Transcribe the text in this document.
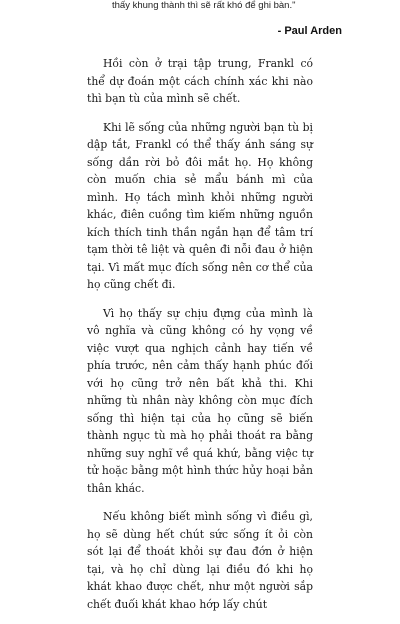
thấy khung thành thì sẽ rất khó để ghi bàn."
- Paul Arden

Hồi còn ở trại tập trung, Frankl có thể dự đoán một cách chính xác khi nào thì bạn tù của mình sẽ chết.

Khi lẽ sống của những người bạn tù bị dập tắt, Frankl có thể thấy ánh sáng sự sống dần rời bỏ đôi mắt họ. Họ không còn muốn chia sẻ mẩu bánh mì của mình. Họ tách mình khỏi những người khác, điên cuồng tìm kiếm những nguồn kích thích tinh thần ngắn hạn để tâm trí tạm thời tê liệt và quên đi nỗi đau ở hiện tại. Vì mất mục đích sống nên cơ thể của họ cũng chết đi.

Vì họ thấy sự chịu đựng của mình là vô nghĩa và cũng không có hy vọng về việc vượt qua nghịch cảnh hay tiến về phía trước, nên cảm thấy hạnh phúc đối với họ cũng trở nên bất khả thi. Khi những tù nhân này không còn mục đích sống thì hiện tại của họ cũng sẽ biến thành ngục tù mà họ phải thoát ra bằng những suy nghĩ về quá khứ, bằng việc tự tử hoặc bằng một hình thức hủy hoại bản thân khác.

Nếu không biết mình sống vì điều gì, họ sẽ dùng hết chút sức sống ít ỏi còn sót lại để thoát khỏi sự đau đớn ở hiện tại, và họ chỉ dùng lại điều đó khi họ khát khao được chết, như một người sắp chết đuối khát khao hớp lấy chút
